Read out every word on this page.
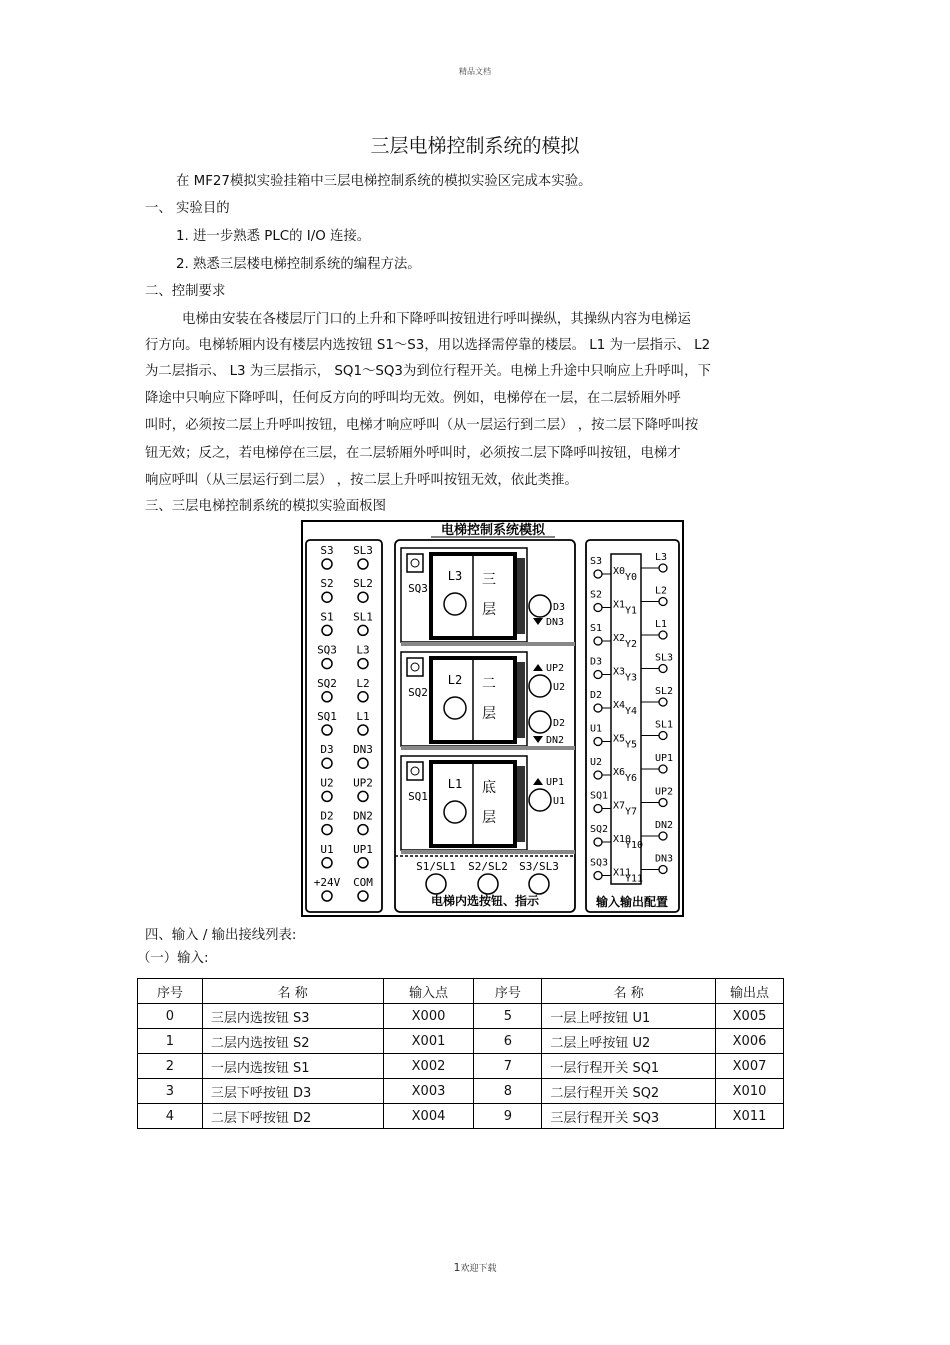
精品文档
三层电梯控制系统的模拟
在 MF27模拟实验挂箱中三层电梯控制系统的模拟实验区完成本实验。
一、 实验目的
1. 进一步熟悉 PLC的 I/O 连接。
2. 熟悉三层楼电梯控制系统的编程方法。
二、控制要求
电梯由安装在各楼层厅门口的上升和下降呼叫按钮进行呼叫操纵，其操纵内容为电梯运
行方向。电梯轿厢内设有楼层内选按钮 S1～S3，用以选择需停靠的楼层。 L1 为一层指示、 L2
为二层指示、 L3 为三层指示， SQ1～SQ3为到位行程开关。电梯上升途中只响应上升呼叫，下
降途中只响应下降呼叫，任何反方向的呼叫均无效。例如，电梯停在一层，在二层轿厢外呼
叫时，必须按二层上升呼叫按钮，电梯才响应呼叫（从一层运行到二层） ，按二层下降呼叫按
钮无效；反之，若电梯停在三层，在二层轿厢外呼叫时，必须按二层下降呼叫按钮，电梯才
响应呼叫（从三层运行到二层） ，按二层上升呼叫按钮无效，依此类推。
三、三层电梯控制系统的模拟实验面板图
电梯控制系统模拟
S3 SL3
S2 SL2
S1 SL1
SQ3 L3
SQ2 L2
SQ1 L1
D3 DN3
U2 UP2
D2 DN2
U1 UP1
+24V COM
SQ3
L3 三
层
SQ2
L2 二
层
SQ1
L1 底
层
D3
DN3
U2
UP2
D2
DN2
U1
UP1
S1/SL1 S2/SL2 S3/SL3
电梯内选按钮、指示
S3
X0
S2
X1
S1
X2
D3
X3
D2
X4
U1
X5
U2
X6
SQ1
X7
SQ2
X10
SQ3
X11
L3
Y0
L2
Y1
L1
Y2
SL3
Y3
SL2
Y4
SL1
Y5
UP1
Y6
UP2
Y7
DN2
Y10
DN3
Y11
输入输出配置
四、输入 / 输出接线列表:
（一）输入:
序号	名 称	输入点	序号	名 称	输出点
0	三层内选按钮 S3	X000	5	一层上呼按钮 U1	X005
1	二层内选按钮 S2	X001	6	二层上呼按钮 U2	X006
2	一层内选按钮 S1	X002	7	一层行程开关 SQ1	X007
3	三层下呼按钮 D3	X003	8	二层行程开关 SQ2	X010
4	二层下呼按钮 D2	X004	9	三层行程开关 SQ3	X011
1欢迎下载
